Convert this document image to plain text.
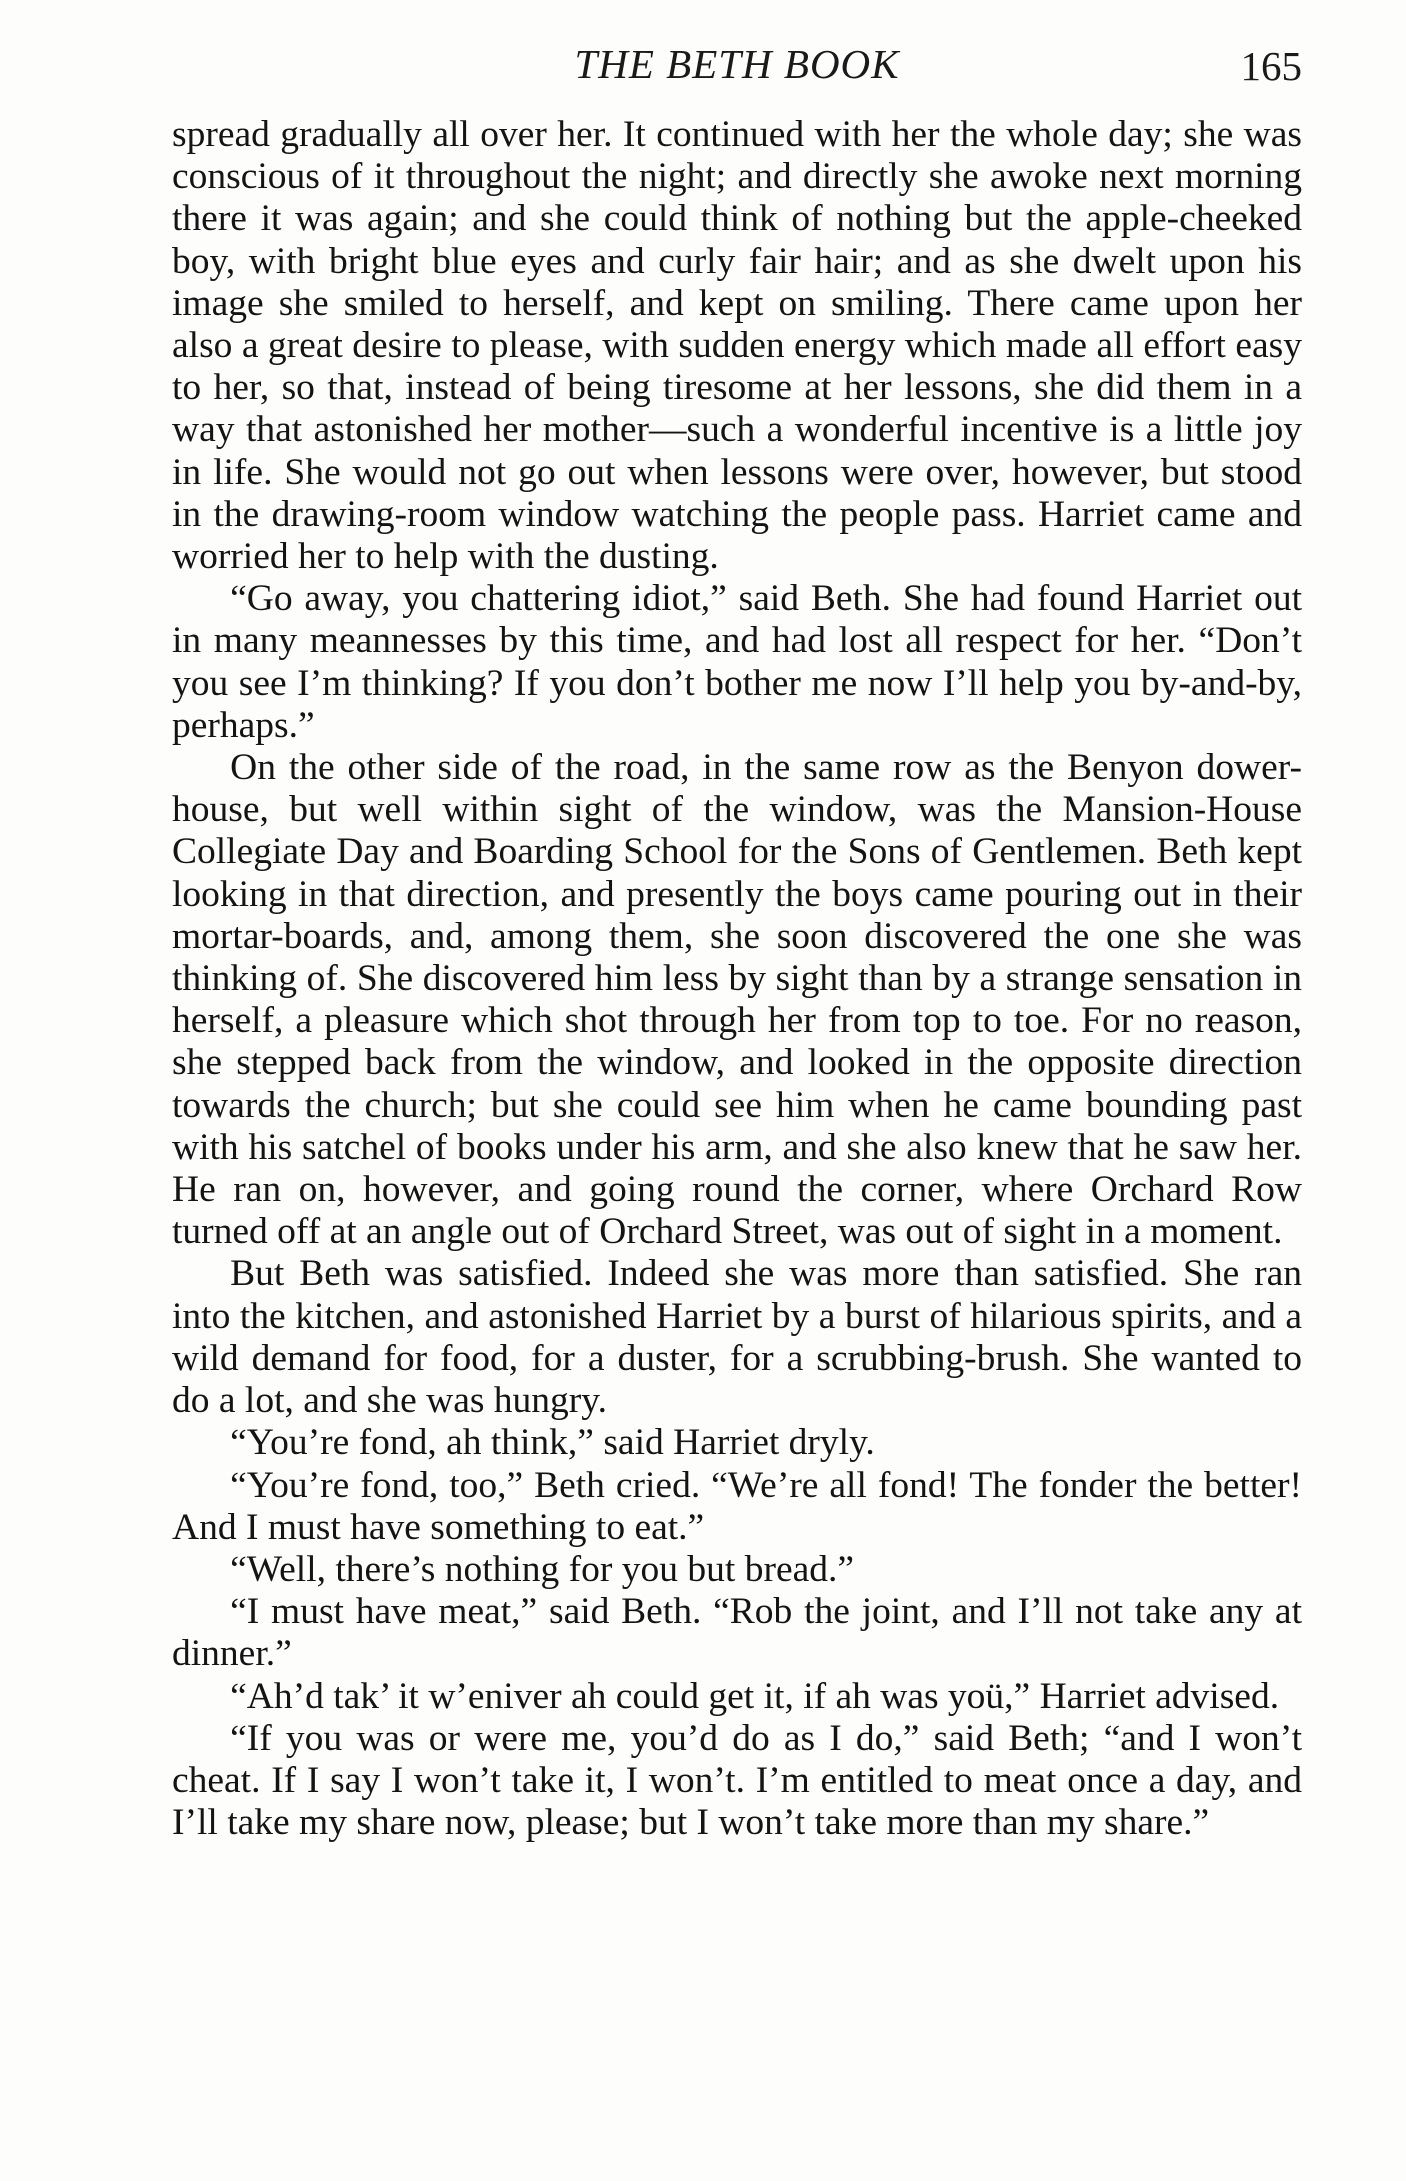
THE BETH BOOK	165

spread gradually all over her. It continued with her the whole day; she was conscious of it throughout the night; and directly she awoke next morning there it was again; and she could think of nothing but the apple-cheeked boy, with bright blue eyes and curly fair hair; and as she dwelt upon his image she smiled to herself, and kept on smiling. There came upon her also a great desire to please, with sudden energy which made all effort easy to her, so that, instead of being tiresome at her lessons, she did them in a way that astonished her mother—such a wonderful incentive is a little joy in life. She would not go out when lessons were over, however, but stood in the drawing-room window watching the people pass. Harriet came and worried her to help with the dusting.

“Go away, you chattering idiot,” said Beth. She had found Harriet out in many meannesses by this time, and had lost all respect for her. “Don’t you see I’m thinking? If you don’t bother me now I’ll help you by-and-by, perhaps.”

On the other side of the road, in the same row as the Benyon dower-house, but well within sight of the window, was the Mansion-House Collegiate Day and Boarding School for the Sons of Gentlemen. Beth kept looking in that direction, and presently the boys came pouring out in their mortar-boards, and, among them, she soon discovered the one she was thinking of. She discovered him less by sight than by a strange sensation in herself, a pleasure which shot through her from top to toe. For no reason, she stepped back from the window, and looked in the opposite direction towards the church; but she could see him when he came bounding past with his satchel of books under his arm, and she also knew that he saw her. He ran on, however, and going round the corner, where Orchard Row turned off at an angle out of Orchard Street, was out of sight in a moment.

But Beth was satisfied. Indeed she was more than satisfied. She ran into the kitchen, and astonished Harriet by a burst of hilarious spirits, and a wild demand for food, for a duster, for a scrubbing-brush. She wanted to do a lot, and she was hungry.

“You’re fond, ah think,” said Harriet dryly.

“You’re fond, too,” Beth cried. “We’re all fond! The fonder the better! And I must have something to eat.”

“Well, there’s nothing for you but bread.”

“I must have meat,” said Beth. “Rob the joint, and I’ll not take any at dinner.”

“Ah’d tak’ it w’eniver ah could get it, if ah was yoü,” Harriet advised.

“If you was or were me, you’d do as I do,” said Beth; “and I won’t cheat. If I say I won’t take it, I won’t. I’m entitled to meat once a day, and I’ll take my share now, please; but I won’t take more than my share.”
